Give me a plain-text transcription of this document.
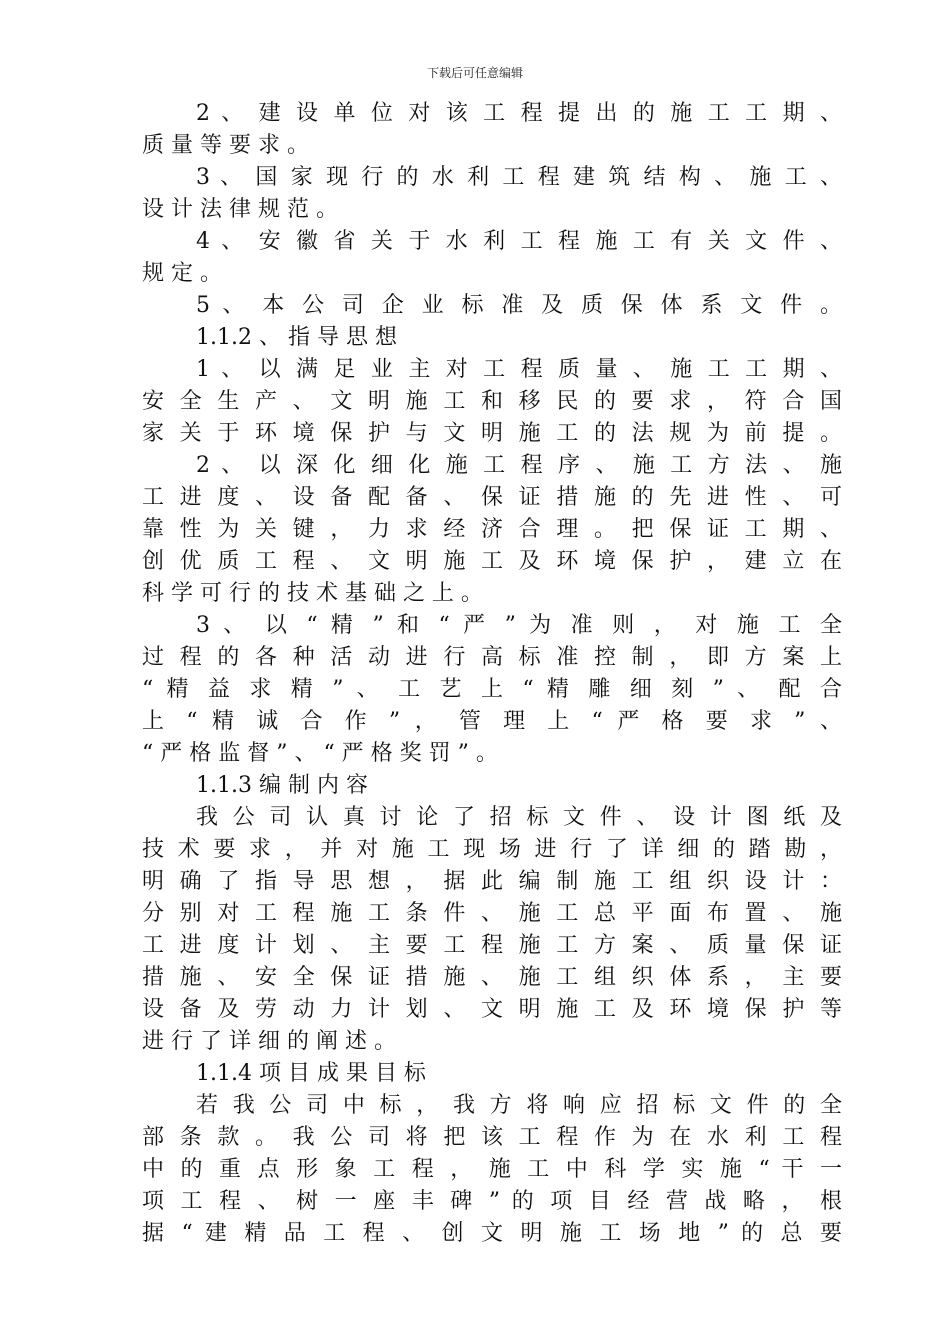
下载后可任意编辑
2 、 建 设 单 位 对 该 工 程 提 出 的 施 工 工 期 、
质 量 等 要 求 。
3 、 国 家 现 行 的 水 利 工 程 建 筑 结 构 、 施 工 、
设 计 法 律 规 范 。
4 、 安 徽 省 关 于 水 利 工 程 施 工 有 关 文 件 、
规 定 。
5 、 本 公 司 企 业 标 准 及 质 保 体 系 文 件 。
1.1.2 、 指 导 思 想
1 、 以 满 足 业 主 对 工 程 质 量 、 施 工 工 期 、
安 全 生 产 、 文 明 施 工 和 移 民 的 要 求 ， 符 合 国
家 关 于 环 境 保 护 与 文 明 施 工 的 法 规 为 前 提 。
2 、 以 深 化 细 化 施 工 程 序 、 施 工 方 法 、 施
工 进 度 、 设 备 配 备 、 保 证 措 施 的 先 进 性 、 可
靠 性 为 关 键 ， 力 求 经 济 合 理 。 把 保 证 工 期 、
创 优 质 工 程 、 文 明 施 工 及 环 境 保 护 ， 建 立 在
科 学 可 行 的 技 术 基 础 之 上 。
3 、 以 “ 精 ” 和 “ 严 ” 为 准 则 ， 对 施 工 全
过 程 的 各 种 活 动 进 行 高 标 准 控 制 ， 即 方 案 上
“ 精 益 求 精 ” 、 工 艺 上 “ 精 雕 细 刻 ” 、 配 合
上 “ 精 诚 合 作 ” ， 管 理 上 “ 严 格 要 求 ” 、
“ 严 格 监 督 ” 、 “ 严 格 奖 罚 ” 。
1.1.3 编 制 内 容
我 公 司 认 真 讨 论 了 招 标 文 件 、 设 计 图 纸 及
技 术 要 求 ， 并 对 施 工 现 场 进 行 了 详 细 的 踏 勘 ，
明 确 了 指 导 思 想 ， 据 此 编 制 施 工 组 织 设 计 ：
分 别 对 工 程 施 工 条 件 、 施 工 总 平 面 布 置 、 施
工 进 度 计 划 、 主 要 工 程 施 工 方 案 、 质 量 保 证
措 施 、 安 全 保 证 措 施 、 施 工 组 织 体 系 ， 主 要
设 备 及 劳 动 力 计 划 、 文 明 施 工 及 环 境 保 护 等
进 行 了 详 细 的 阐 述 。
1.1.4 项 目 成 果 目 标
若 我 公 司 中 标 ， 我 方 将 响 应 招 标 文 件 的 全
部 条 款 。 我 公 司 将 把 该 工 程 作 为 在 水 利 工 程
中 的 重 点 形 象 工 程 ， 施 工 中 科 学 实 施 “ 干 一
项 工 程 、 树 一 座 丰 碑 ” 的 项 目 经 营 战 略 ， 根
据 “ 建 精 品 工 程 、 创 文 明 施 工 场 地 ” 的 总 要
